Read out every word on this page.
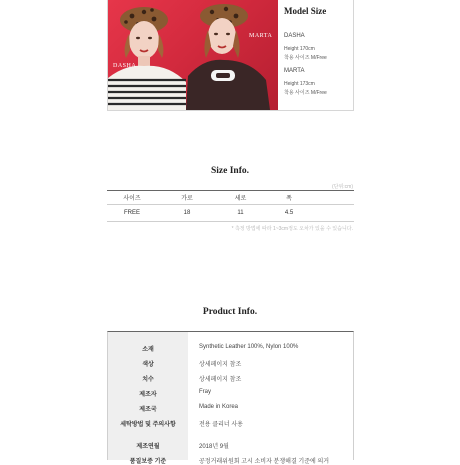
DASHA
MARTA
Model Size
DASHA
Height 170cm
착용 사이즈 M/Free
MARTA
Height 173cm
착용 사이즈 M/Free
Size Info.
(단위:cm)
사이즈	가로	세로	폭
FREE	18	11	4.5
* 측정 방법에 따라 1~3cm정도 오차가 있을 수 있습니다.
Product Info.
소재	Synthetic Leather 100%, Nylon 100%
색상	상세페이지 참조
치수	상세페이지 참조
제조자	Fray
제조국	Made in Korea
세탁방법 및 주의사항	전용 클리너 사용
제조연월	2018년 9월
품질보증 기준	공정거래위원회 고시 소비자 분쟁해결 기준에 의거
